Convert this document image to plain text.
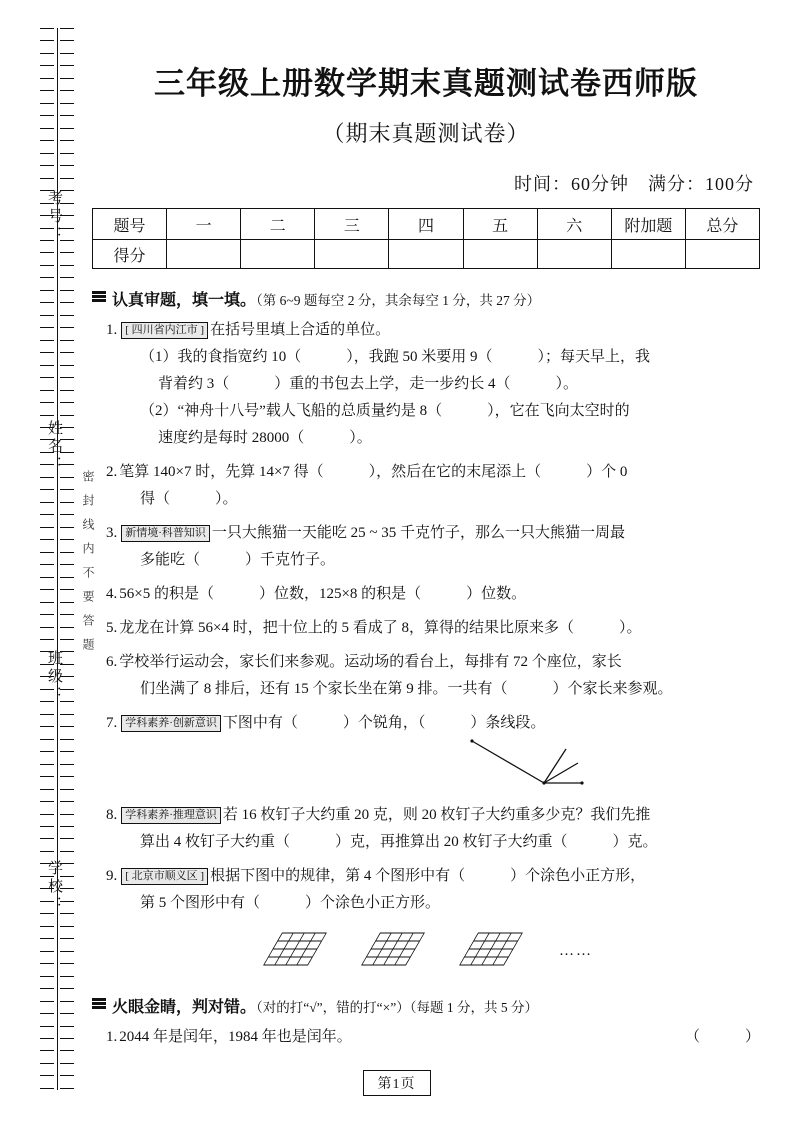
考号：
姓名：
班级：
学校：
密封线内不要答题
三年级上册数学期末真题测试卷西师版
（期末真题测试卷）
时间：60分钟　满分：100分
题号	一	二	三	四	五	六	附加题	总分
得分								
认真审题，填一填。（第 6~9 题每空 2 分，其余每空 1 分，共 27 分）
1. [ 四川省内江市 ] 在括号里填上合适的单位。
（1）我的食指宽约 10（　　　），我跑 50 米要用 9（　　　）；每天早上，我
背着约 3（　　　）重的书包去上学，走一步约长 4（　　　）。
（2）“神舟十八号”载人飞船的总质量约是 8（　　　），它在飞向太空时的
速度约是每时 28000（　　　）。
2. 笔算 140×7 时，先算 14×7 得（　　　），然后在它的末尾添上（　　　）个 0
得（　　　）。
3. 新情境·科普知识 一只大熊猫一天能吃 25 ~ 35 千克竹子，那么一只大熊猫一周最
多能吃（　　　）千克竹子。
4. 56×5 的积是（　　　）位数，125×8 的积是（　　　）位数。
5. 龙龙在计算 56×4 时，把十位上的 5 看成了 8，算得的结果比原来多（　　　）。
6. 学校举行运动会，家长们来参观。运动场的看台上，每排有 72 个座位，家长
们坐满了 8 排后，还有 15 个家长坐在第 9 排。一共有（　　　）个家长来参观。
7. 学科素养·创新意识 下图中有（　　　）个锐角，（　　　）条线段。
8. 学科素养·推理意识 若 16 枚钉子大约重 20 克，则 20 枚钉子大约重多少克？我们先推
算出 4 枚钉子大约重（　　　）克，再推算出 20 枚钉子大约重（　　　）克。
9. [ 北京市顺义区 ] 根据下图中的规律，第 4 个图形中有（　　　）个涂色小正方形，
第 5 个图形中有（　　　）个涂色小正方形。
……
火眼金睛，判对错。（对的打“√”，错的打“×”）（每题 1 分，共 5 分）
1. 2044 年是闰年，1984 年也是闰年。	（　　　）
第1页
